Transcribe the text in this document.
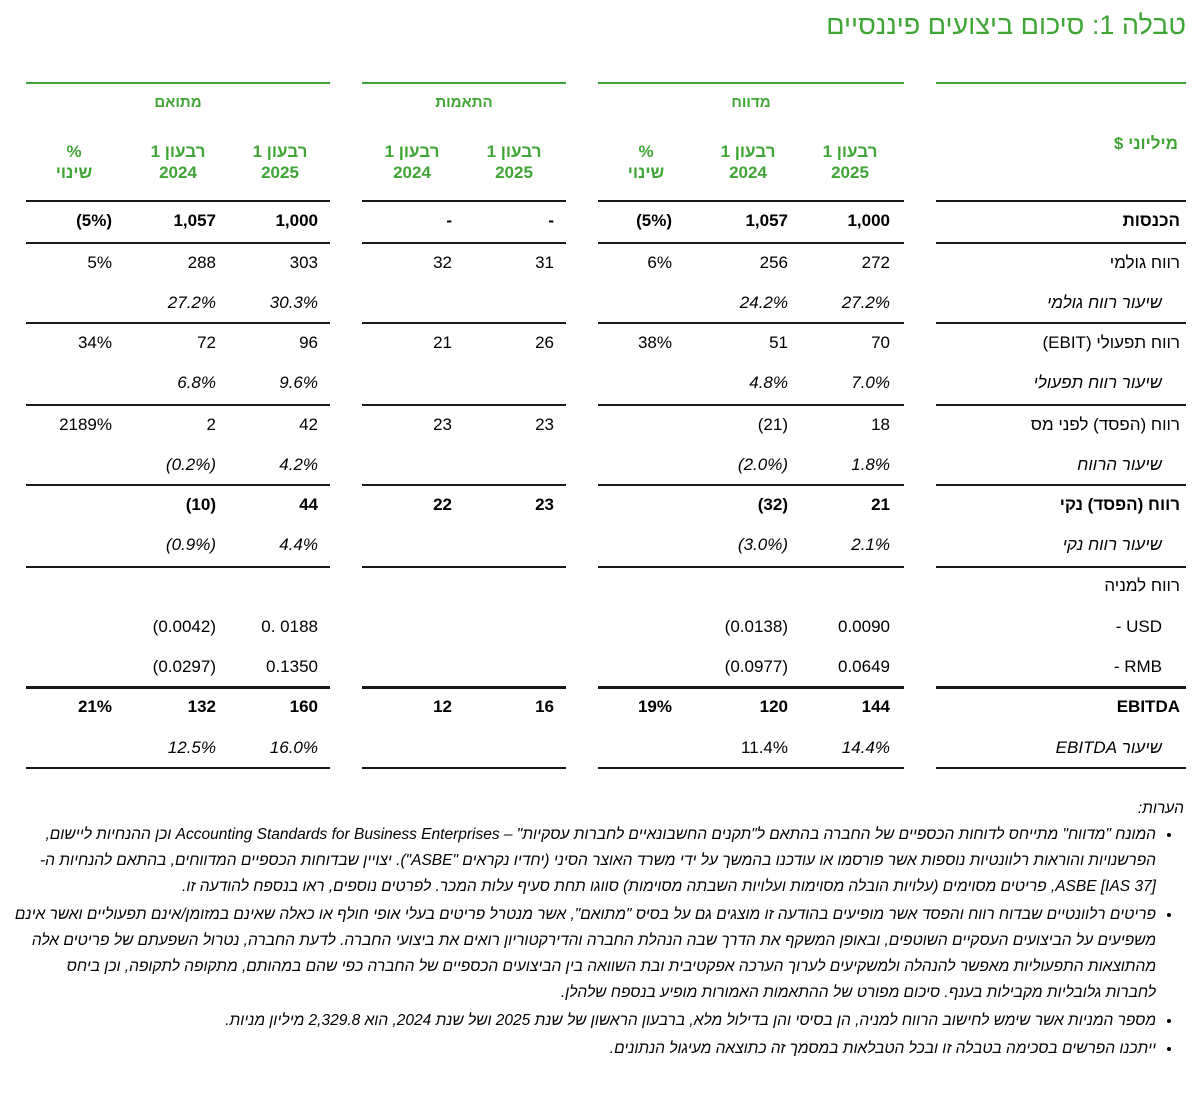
טבלה 1: סיכום ביצועים פיננסיים
מיליוני $
מדווח
רבעון 1
2025
רבעון 1
2024
%
שינוי
התאמות
רבעון 1
2025
רבעון 1
2024
מתואם
רבעון 1
2025
רבעון 1
2024
%
שינוי
הכנסות
1,000
1,057
(5%)
-
-
1,000
1,057
(5%)
רווח גולמי
272
256
6%
31
32
303
288
5%
שיעור רווח גולמי
27.2%
24.2%
30.3%
27.2%
רווח תפעולי (EBIT)
70
51
38%
26
21
96
72
34%
שיעור רווח תפעולי
7.0%
4.8%
9.6%
6.8%
רווח (הפסד) לפני מס
18
(21)
23
23
42
2
2189%
שיעור הרווח
1.8%
(2.0%)
4.2%
(0.2%)
רווח (הפסד) נקי
21
(32)
23
22
44
(10)
שיעור רווח נקי
2.1%
(3.0%)
4.4%
(0.9%)
רווח למניה
USD -
0.0090
(0.0138)
0. 0188
(0.0042)
RMB -
0.0649
(0.0977)
0.1350
(0.0297)
EBITDA
144
120
19%
16
12
160
132
21%
שיעור EBITDA
14.4%
11.4%
16.0%
12.5%
הערות:
• המונח "מדווח" מתייחס לדוחות הכספיים של החברה בהתאם ל"תקנים החשבונאיים לחברות עסקיות" – Accounting Standards for Business Enterprises וכן ההנחיות ליישום, הפרשנויות והוראות רלוונטיות נוספות אשר פורסמו או עודכנו בהמשך על ידי משרד האוצר הסיני (יחדיו נקראים "ASBE"). יצויין שבדוחות הכספיים המדווחים, בהתאם להנחיות ה-ASBE [IAS 37], פריטים מסוימים (עלויות הובלה מסוימות ועלויות השבתה מסוימות) סווגו תחת סעיף עלות המכר. לפרטים נוספים, ראו בנספח להודעה זו.
• פריטים רלוונטיים שבדוח רווח והפסד אשר מופיעים בהודעה זו מוצגים גם על בסיס "מתואם", אשר מנטרל פריטים בעלי אופי חולף או כאלה שאינם במזומן/אינם תפעוליים ואשר אינם משפיעים על הביצועים העסקיים השוטפים, ובאופן המשקף את הדרך שבה הנהלת החברה והדירקטוריון רואים את ביצועי החברה. לדעת החברה, נטרול השפעתם של פריטים אלה מהתוצאות התפעוליות מאפשר להנהלה ולמשקיעים לערוך הערכה אפקטיבית ובת השוואה בין הביצועים הכספיים של החברה כפי שהם במהותם, מתקופה לתקופה, וכן ביחס לחברות גלובליות מקבילות בענף. סיכום מפורט של ההתאמות האמורות מופיע בנספח שלהלן.
• מספר המניות אשר שימש לחישוב הרווח למניה, הן בסיסי והן בדילול מלא, ברבעון הראשון של שנת 2025 ושל שנת 2024, הוא 2,329.8 מיליון מניות.
• ייתכנו הפרשים בסכימה בטבלה זו ובכל הטבלאות במסמך זה כתוצאה מעיגול הנתונים.
